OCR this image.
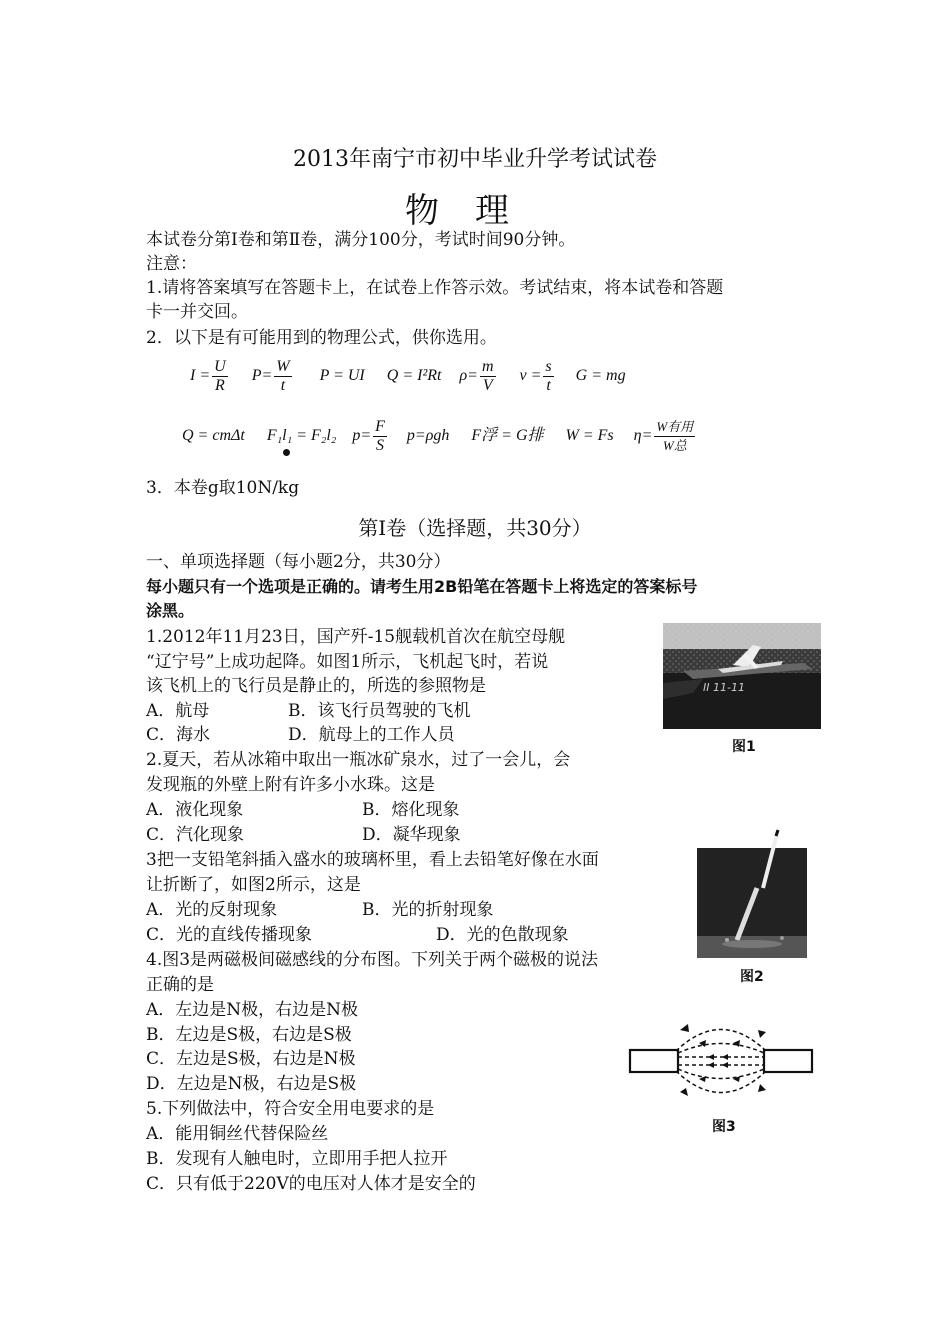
2013年南宁市初中毕业升学考试试卷
物理
本试卷分第Ⅰ卷和第Ⅱ卷，满分100分，考试时间90分钟。
注意：
1.请将答案填写在答题卡上，在试卷上作答示效。考试结束，将本试卷和答题
卡一并交回。
2．以下是有可能用到的物理公式，供你选用。
$I = \frac{U}{R} P= \frac{W}{t}$ P = UI Q = I²Rt $\rho= \frac{m}{V}$ $v = \frac{s}{t}$ G = mg
Q = cmΔt F₁l₁ = F₂l₂ $p= \frac{F}{S} p=\rho gh$ F浮 = G排 W = Fs $\eta= \frac{\text{W有用}}{\text{W总}}$
3．本卷g取10N/kg
第Ⅰ卷（选择题，共30分）
一、单项选择题（每小题2分，共30分）
每小题只有一个选项是正确的。请考生用2B铅笔在答题卡上将选定的答案标号
涂黑。
1.2012年11月23日，国产歼-15舰载机首次在航空母舰
“辽宁号”上成功起降。如图1所示，飞机起飞时，若说
该飞机上的飞行员是静止的，所选的参照物是
A．航母	B．该飞行员驾驶的飞机
C．海水	D．航母上的工作人员
2.夏天，若从冰箱中取出一瓶冰矿泉水，过了一会儿，会
发现瓶的外壁上附有许多小水珠。这是
A．液化现象	B．熔化现象
C．汽化现象	D．凝华现象
3把一支铅笔斜插入盛水的玻璃杯里，看上去铅笔好像在水面
让折断了，如图2所示，这是
A．光的反射现象	B．光的折射现象
C．光的直线传播现象	D．光的色散现象
4.图3是两磁极间磁感线的分布图。下列关于两个磁极的说法
正确的是
A．左边是N极，右边是N极
B．左边是S极，右边是S极
C．左边是S极，右边是N极
D．左边是N极，右边是S极
5.下列做法中，符合安全用电要求的是
A．能用铜丝代替保险丝
B．发现有人触电时，立即用手把人拉开
C．只有低于220V的电压对人体才是安全的
II 11-11
图1
图2
图3
